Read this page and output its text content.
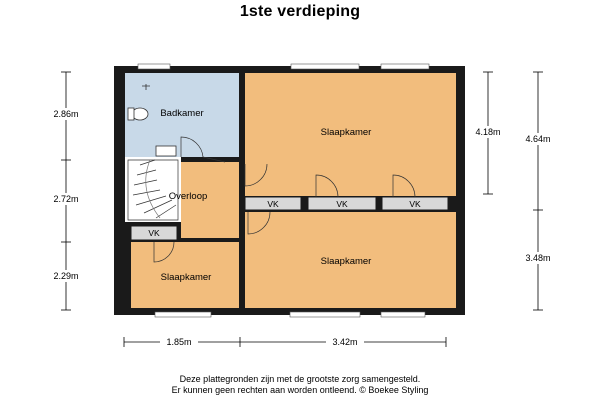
1ste verdieping
Badkamer
Slaapkamer
Overloop
Slaapkamer
Slaapkamer
VK
VK	VK	VK
2.86m
2.72m
2.29m
4.18m
4.64m
3.48m
1.85m	3.42m
Deze plattegronden zijn met de grootste zorg samengesteld.
Er kunnen geen rechten aan worden ontleend. © Boekee Styling
